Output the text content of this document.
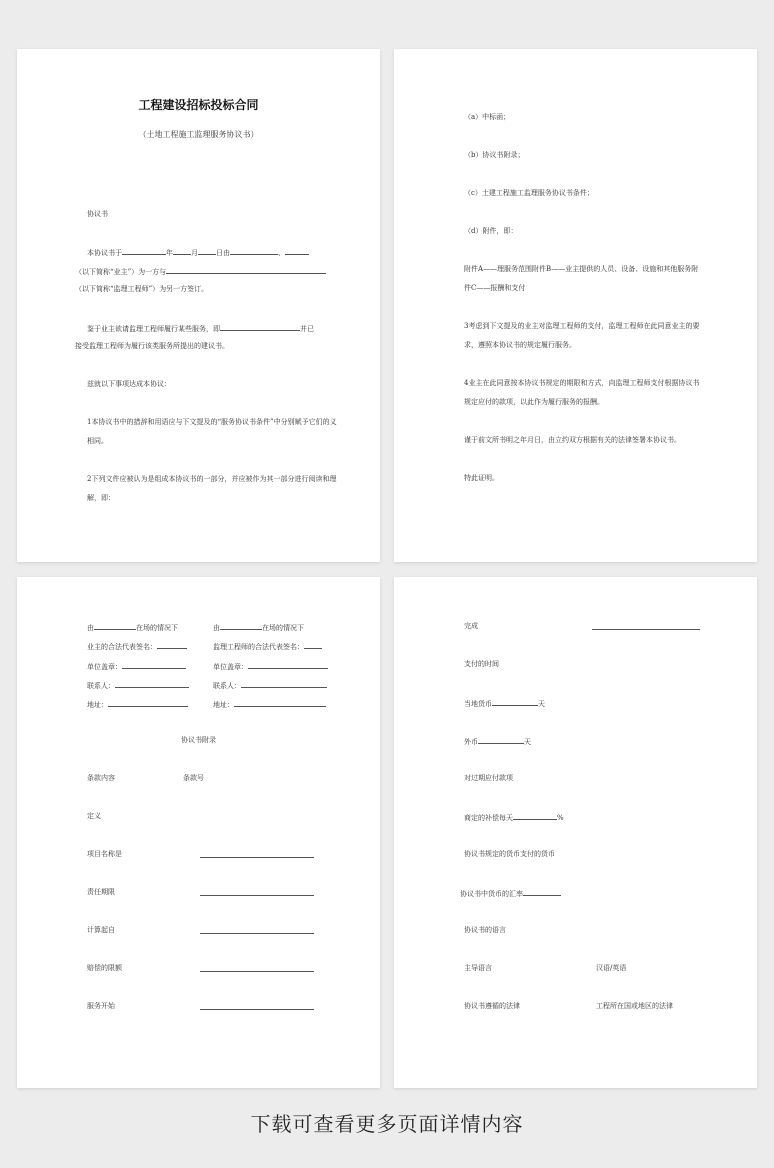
工程建设招标投标合同
（土地工程施工监理服务协议书）
协议书
本协议书于	年	月	日由	、
（以下简称“业主”）为一方与
（以下简称“监理工程师”）为另一方签订。
鉴于业主欲请监理工程师履行某些服务，即	并已
接受监理工程师为履行该类服务所提出的建议书。
兹就以下事项达成本协议：
1本协议书中的措辞和用语应与下文提及的“服务协议书条件”中分别赋予它们的义相同。
2下列文件应被认为是组成本协议书的一部分，并应被作为其一部分进行阅读和理解，即：
（a）中标函；
（b）协议书附录；
（c）土建工程施工监理服务协议书条件；
（d）附件，即：
附件A——理服务范围附件B——业主提供的人员、设备、设施和其他服务附件C——报酬和支付
3考虑到下文提及的业主对监理工程师的支付，监理工程师在此同意业主的要求，遵照本协议书的规定履行服务。
4业主在此同意按本协议书规定的期限和方式，向监理工程师支付根据协议书规定应付的款项，以此作为履行服务的报酬。
谨于前文所书明之年月日，由立约双方根据有关的法律签署本协议书。
特此证明。
由	在场的情况下	由	在场的情况下
业主的合法代表签名：	监理工程师的合法代表签名：
单位盖章：	单位盖章：
联系人：	联系人：
地址：	地址：
协议书附录
条款内容	条款号
定义
项目名称是
责任期限
计算起自
赔偿的限额
服务开始
完成
支付的时间
当地货币	天
外币	天
对过期应付款项
商定的补偿每天	%
协议书规定的货币支付的货币
协议书中货币的汇率
协议书的语言
主导语言	汉语/英语
协议书遵循的法律	工程所在国或地区的法律
下载可查看更多页面详情内容
